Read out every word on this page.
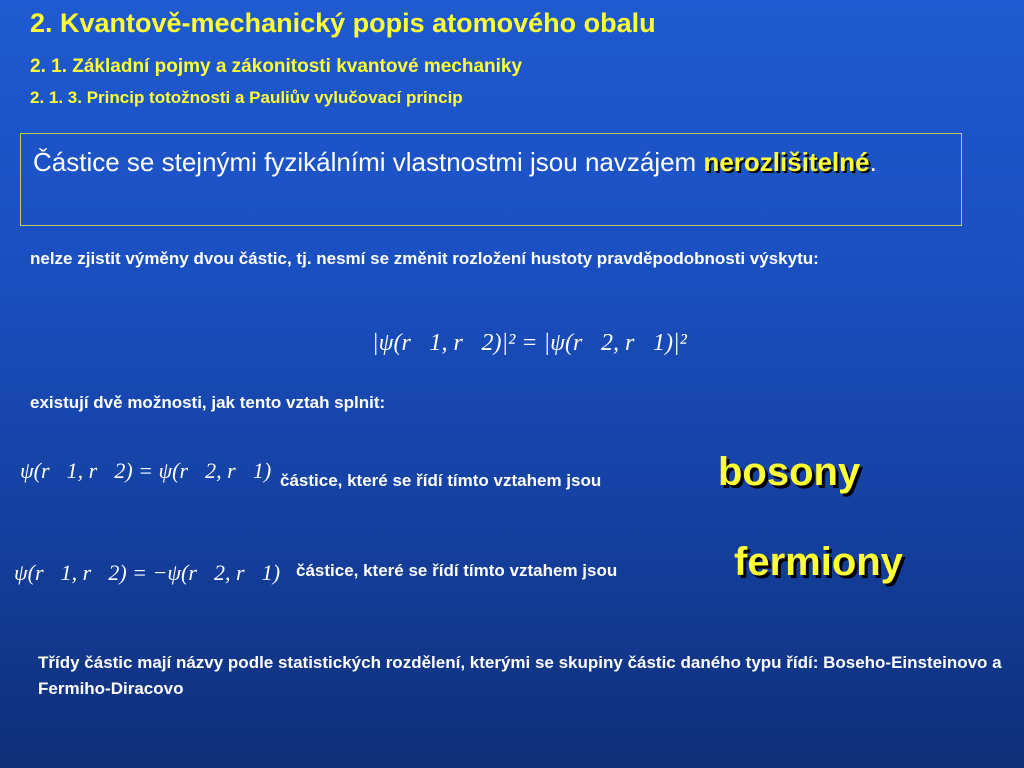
2. Kvantově-mechanický popis atomového obalu
2. 1. Základní pojmy a zákonitosti kvantové mechaniky
2. 1. 3. Princip totožnosti a Pauliův vylučovací princip
Částice se stejnými fyzikálními vlastnostmi jsou navzájem nerozlišitelné.
nelze zjistit výměny dvou částic, tj. nesmí se změnit rozložení hustoty pravděpodobnosti výskytu:
|ψ(r⃗1, r⃗2)|² = |ψ(r⃗2, r⃗1)|²
existují dvě možnosti, jak tento vztah splnit:
ψ(r⃗1, r⃗2) = ψ(r⃗2, r⃗1) částice, které se řídí tímto vztahem jsou	bosony
ψ(r⃗1, r⃗2) = −ψ(r⃗2, r⃗1) částice, které se řídí tímto vztahem jsou	fermiony
Třídy částic mají názvy podle statistických rozdělení, kterými se skupiny částic daného typu řídí: Boseho-Einsteinovo a Fermiho-Diracovo
